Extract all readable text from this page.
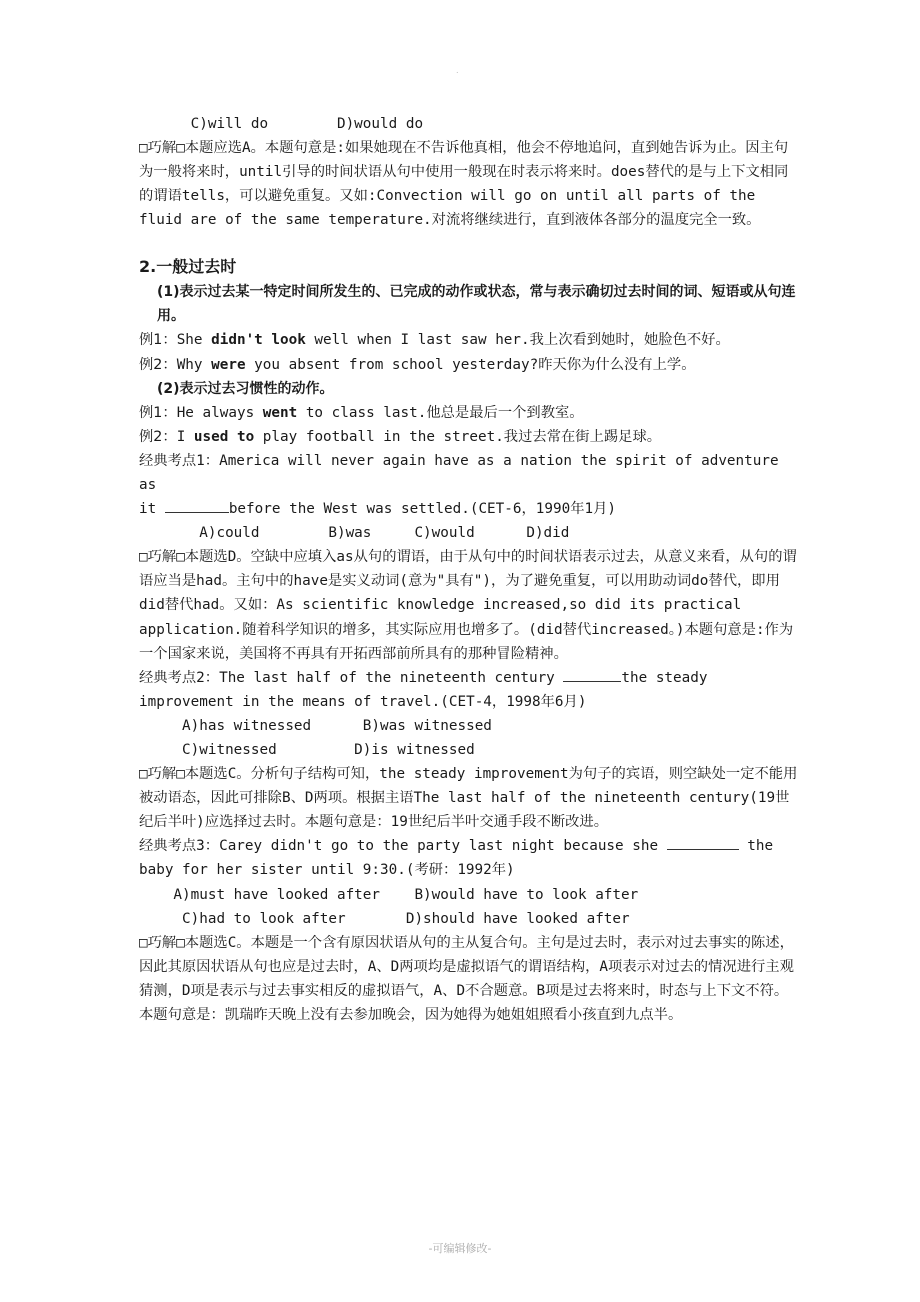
.
C)will do        D)would do
□巧解□本题应选A。本题句意是:如果她现在不告诉他真相，他会不停地追问，直到她告诉为止。因主句为一般将来时，until引导的时间状语从句中使用一般现在时表示将来时。does替代的是与上下文相同的谓语tells，可以避免重复。又如:Convection will go on until all parts of the fluid are of the same temperature.对流将继续进行，直到液体各部分的温度完全一致。
2.一般过去时
(1)表示过去某一特定时间所发生的、已完成的动作或状态，常与表示确切过去时间的词、短语或从句连用。
例1：She didn't look well when I last saw her.我上次看到她时，她脸色不好。
例2：Why were you absent from school yesterday?昨天你为什么没有上学。
(2)表示过去习惯性的动作。
例1：He always went to class last.他总是最后一个到教室。
例2：I used to play football in the street.我过去常在街上踢足球。
经典考点1：America will never again have as a nation the spirit of adventure as
it	before the West was settled.(CET-6，1990年1月)
A)could        B)was     C)would      D)did
□巧解□本题选D。空缺中应填入as从句的谓语，由于从句中的时间状语表示过去，从意义来看，从句的谓语应当是had。主句中的have是实义动词(意为"具有")，为了避免重复，可以用助动词do替代，即用did替代had。又如：As scientific knowledge increased,so did its practical application.随着科学知识的增多，其实际应用也增多了。(did替代increased。)本题句意是:作为一个国家来说，美国将不再具有开拓西部前所具有的那种冒险精神。
经典考点2：The last half of the nineteenth century	the steady improvement in the means of travel.(CET-4，1998年6月)
A)has witnessed      B)was witnessed
C)witnessed         D)is witnessed
□巧解□本题选C。分析句子结构可知，the steady improvement为句子的宾语，则空缺处一定不能用被动语态，因此可排除B、D两项。根据主语The last half of the nineteenth century(19世纪后半叶)应选择过去时。本题句意是：19世纪后半叶交通手段不断改进。
经典考点3：Carey didn't go to the party last night because she	the baby for her sister until 9:30.(考研：1992年)
A)must have looked after    B)would have to look after
C)had to look after       D)should have looked after
□巧解□本题选C。本题是一个含有原因状语从句的主从复合句。主句是过去时，表示对过去事实的陈述，因此其原因状语从句也应是过去时，A、D两项均是虚拟语气的谓语结构，A项表示对过去的情况进行主观猜测，D项是表示与过去事实相反的虚拟语气，A、D不合题意。B项是过去将来时，时态与上下文不符。本题句意是：凯瑞昨天晚上没有去参加晚会，因为她得为她姐姐照看小孩直到九点半。
-可编辑修改-
